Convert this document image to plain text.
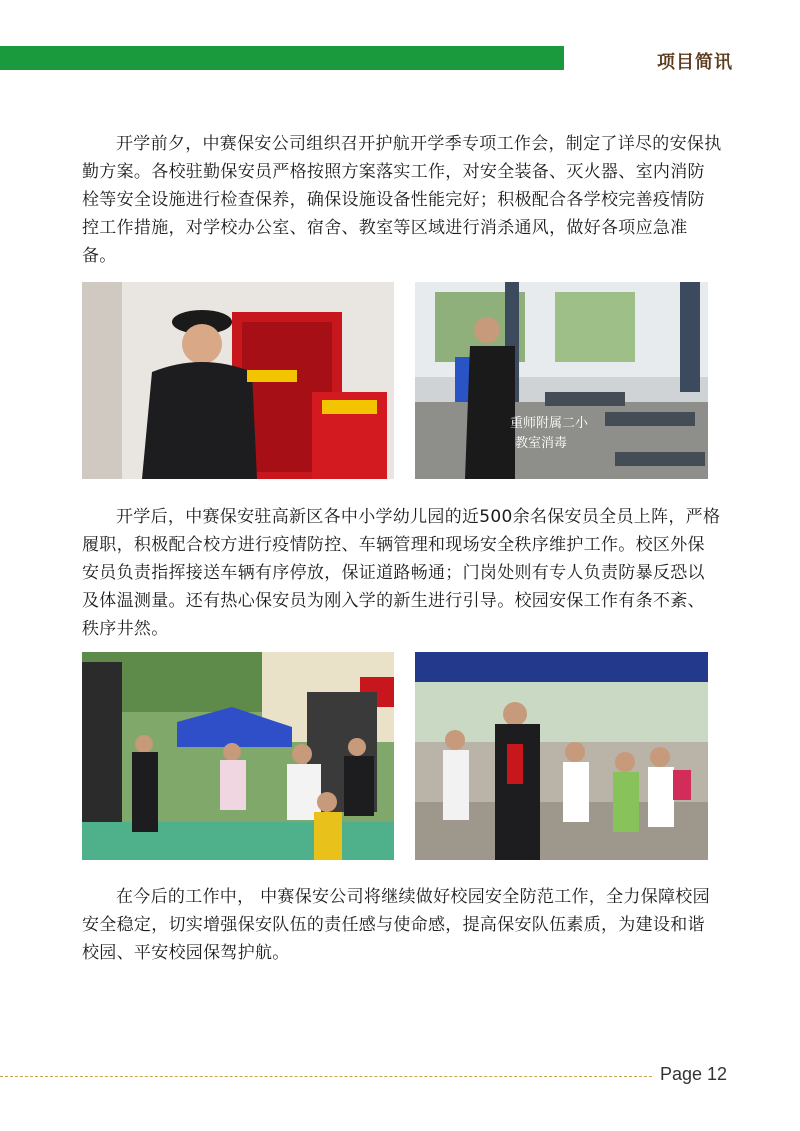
项目简讯

开学前夕，中赛保安公司组织召开护航开学季专项工作会，制定了详尽的安保执勤方案。各校驻勤保安员严格按照方案落实工作，对安全装备、灭火器、室内消防栓等安全设施进行检查保养，确保设施设备性能完好；积极配合各学校完善疫情防控工作措施，对学校办公室、宿舍、教室等区域进行消杀通风，做好各项应急准备。

重师附属二小
教室消毒

开学后，中赛保安驻高新区各中小学幼儿园的近500余名保安员全员上阵，严格履职，积极配合校方进行疫情防控、车辆管理和现场安全秩序维护工作。校区外保安员负责指挥接送车辆有序停放，保证道路畅通；门岗处则有专人负责防暴反恐以及体温测量。还有热心保安员为刚入学的新生进行引导。校园安保工作有条不紊、秩序井然。

在今后的工作中， 中赛保安公司将继续做好校园安全防范工作，全力保障校园安全稳定，切实增强保安队伍的责任感与使命感，提高保安队伍素质，为建设和谐校园、平安校园保驾护航。

Page 12
